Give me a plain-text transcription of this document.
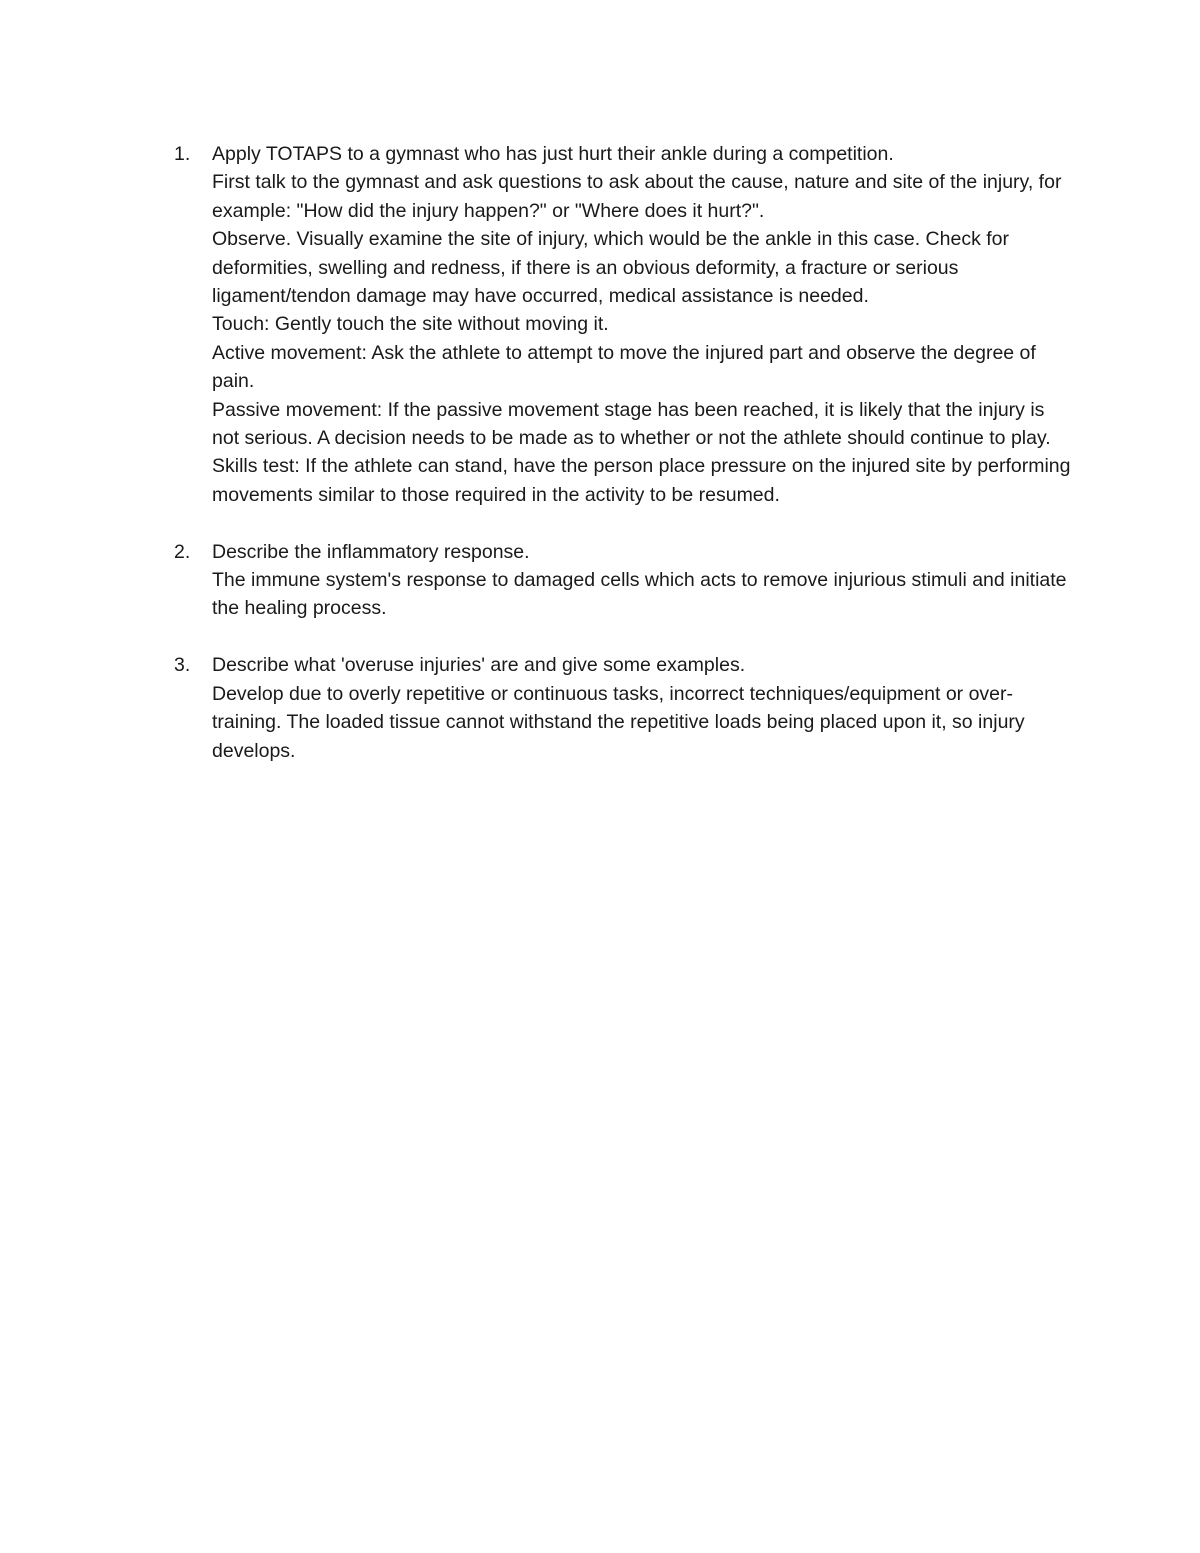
1.	Apply TOTAPS to a gymnast who has just hurt their ankle during a competition.

First talk to the gymnast and ask questions to ask about the cause, nature and site of the injury, for example: "How did the injury happen?" or "Where does it hurt?".

Observe. Visually examine the site of injury, which would be the ankle in this case. Check for deformities, swelling and redness, if there is an obvious deformity, a fracture or serious ligament/tendon damage may have occurred, medical assistance is needed.

Touch: Gently touch the site without moving it.

Active movement: Ask the athlete to attempt to move the injured part and observe the degree of pain.

Passive movement: If the passive movement stage has been reached, it is likely that the injury is not serious. A decision needs to be made as to whether or not the athlete should continue to play.

Skills test: If the athlete can stand, have the person place pressure on the injured site by performing movements similar to those required in the activity to be resumed.

2.	Describe the inflammatory response.

The immune system's response to damaged cells which acts to remove injurious stimuli and initiate the healing process.

3.	Describe what 'overuse injuries' are and give some examples.

Develop due to overly repetitive or continuous tasks, incorrect techniques/equipment or over-training. The loaded tissue cannot withstand the repetitive loads being placed upon it, so injury develops.
